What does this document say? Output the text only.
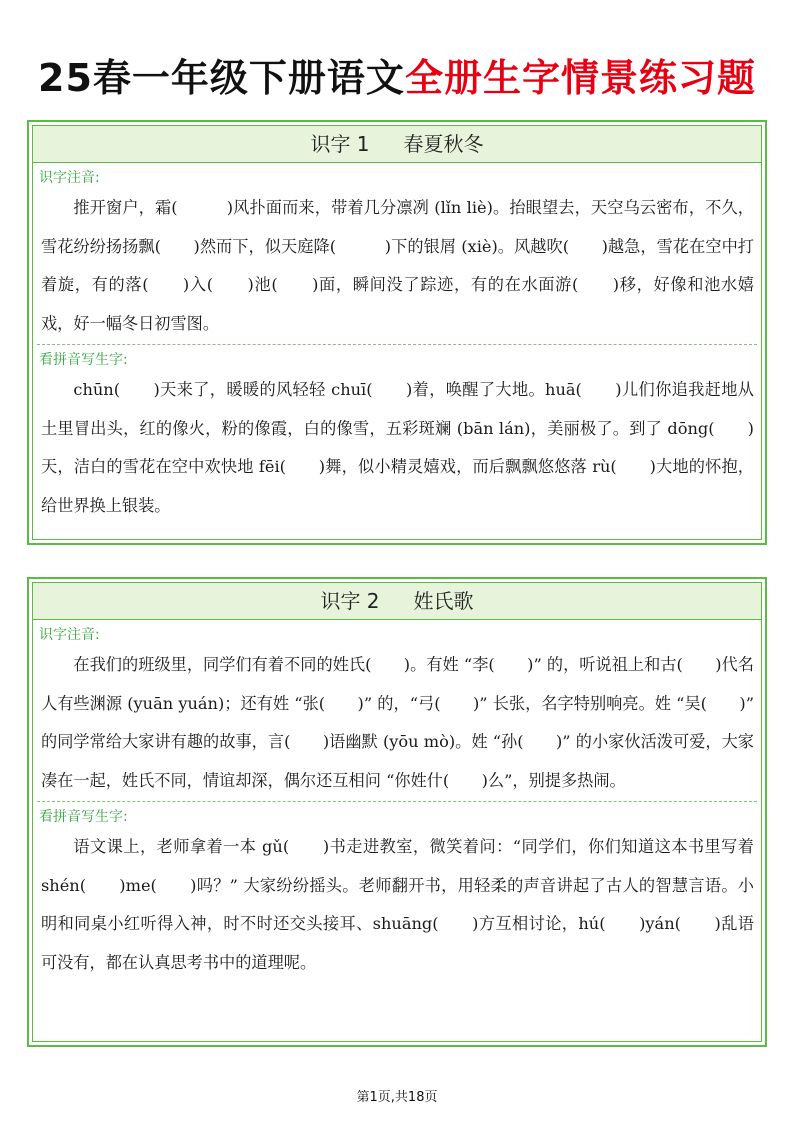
25春一年级下册语文全册生字情景练习题
识字 1 春夏秋冬
识字注音:
推开窗户，霜(　　　)风扑面而来，带着几分凛冽 (lǐn liè)。抬眼望去，天空乌云密布，不久，雪花纷纷扬扬飘(　　)然而下，似天庭降(　　　)下的银屑 (xiè)。风越吹(　　)越急，雪花在空中打着旋，有的落(　　)入(　　)池(　　)面，瞬间没了踪迹，有的在水面游(　　)移，好像和池水嬉戏，好一幅冬日初雪图。
看拼音写生字:
chūn(　　)天来了，暖暖的风轻轻 chuī(　　)着，唤醒了大地。huā(　　)儿们你追我赶地从土里冒出头，红的像火，粉的像霞，白的像雪，五彩斑斓 (bān lán)，美丽极了。到了 dōng(　　)天，洁白的雪花在空中欢快地 fēi(　　)舞，似小精灵嬉戏，而后飘飘悠悠落 rù(　　)大地的怀抱，给世界换上银装。
识字 2 姓氏歌
识字注音:
在我们的班级里，同学们有着不同的姓氏(　　)。有姓 “李(　　)” 的，听说祖上和古(　　)代名人有些渊源 (yuān yuán)；还有姓 “张(　　)” 的，“弓(　　)” 长张，名字特别响亮。姓 “吴(　　)” 的同学常给大家讲有趣的故事，言(　　)语幽默 (yōu mò)。姓 “孙(　　)” 的小家伙活泼可爱，大家凑在一起，姓氏不同，情谊却深，偶尔还互相问 “你姓什(　　)么”，别提多热闹。
看拼音写生字:
语文课上，老师拿着一本 gǔ(　　)书走进教室，微笑着问：“同学们，你们知道这本书里写着 shén(　　)me(　　)吗？” 大家纷纷摇头。老师翻开书，用轻柔的声音讲起了古人的智慧言语。小明和同桌小红听得入神，时不时还交头接耳、shuāng(　　)方互相讨论，hú(　　)yán(　　)乱语可没有，都在认真思考书中的道理呢。
第1页,共18页
